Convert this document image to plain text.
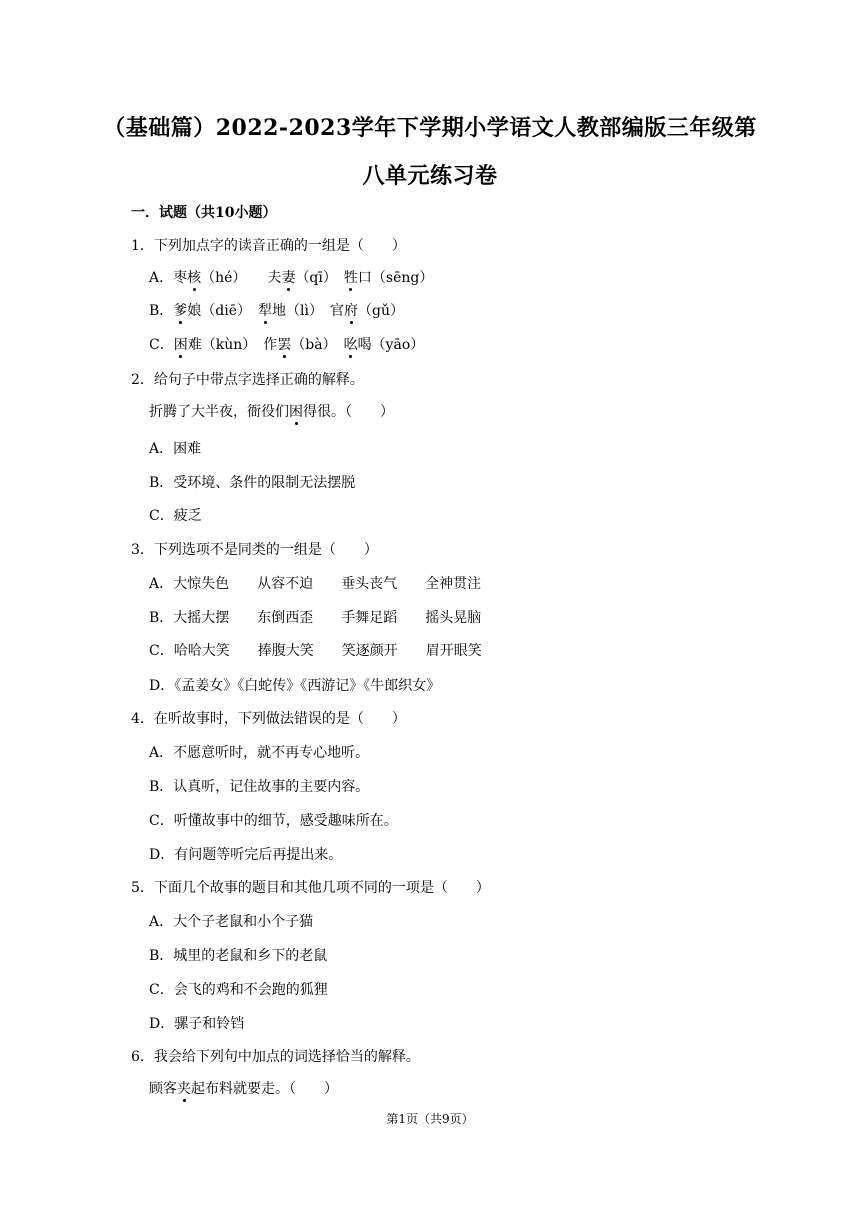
（基础篇）2022-2023学年下学期小学语文人教部编版三年级第
八单元练习卷
一．试题（共10小题）
1．下列加点字的读音正确的一组是（　　）
A．枣核（hé）　　夫妻（qī）　牲口（sēng）
B．爹娘（diē）　犁地（lì）　官府（gǔ）
C．困难（kùn）　作罢（bà）　吆喝（yāo）
2．给句子中带点字选择正确的解释。
折腾了大半夜，衙役们困得很。（　　）
A．困难
B．受环境、条件的限制无法摆脱
C．疲乏
3．下列选项不是同类的一组是（　　）
A．大惊失色　　从容不迫　　垂头丧气　　全神贯注
B．大摇大摆　　东倒西歪　　手舞足蹈　　摇头晃脑
C．哈哈大笑　　捧腹大笑　　笑逐颜开　　眉开眼笑
D．《孟姜女》《白蛇传》《西游记》《牛郎织女》
4．在听故事时，下列做法错误的是（　　）
A．不愿意听时，就不再专心地听。
B．认真听，记住故事的主要内容。
C．听懂故事中的细节，感受趣味所在。
D．有问题等听完后再提出来。
5．下面几个故事的题目和其他几项不同的一项是（　　）
A．大个子老鼠和小个子猫
B．城里的老鼠和乡下的老鼠
C．会飞的鸡和不会跑的狐狸
D．骡子和铃铛
6．我会给下列句中加点的词选择恰当的解释。
顾客夹起布料就要走。（　　）
第1页（共9页）
